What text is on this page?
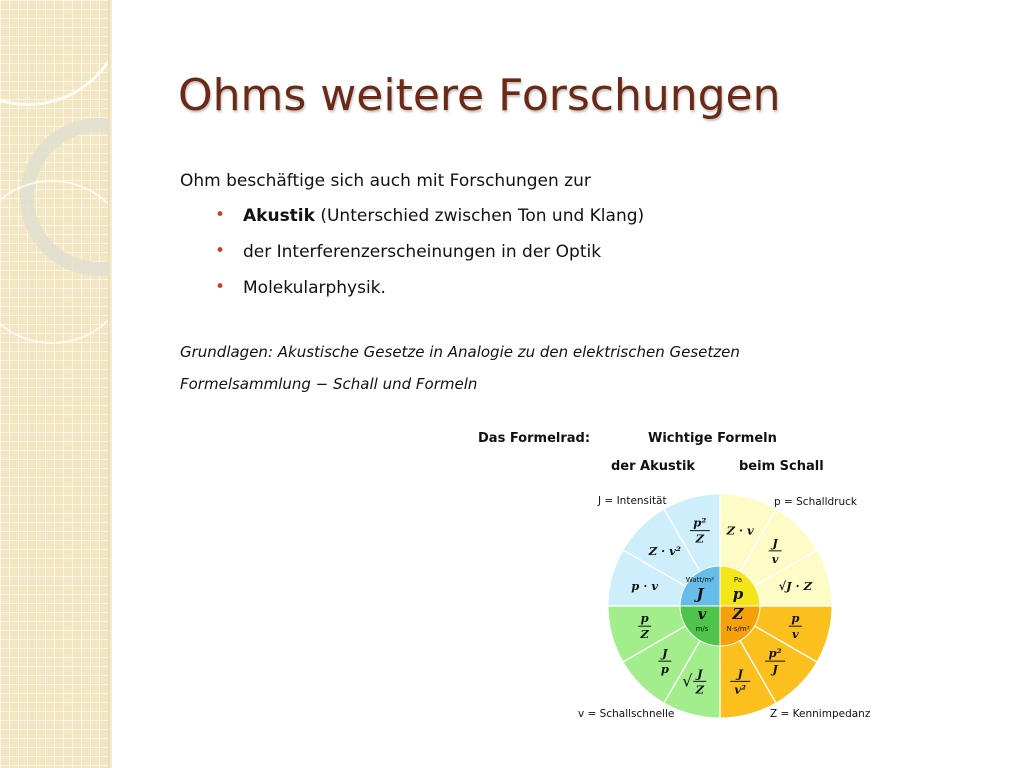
Ohms weitere Forschungen
Ohm beschäftige sich auch mit Forschungen zur
• Akustik (Unterschied zwischen Ton und Klang)
• der Interferenzerscheinungen in der Optik
• Molekularphysik.
Grundlagen: Akustische Gesetze in Analogie zu den elektrischen Gesetzen
Formelsammlung − Schall und Formeln
Das Formelrad:	Wichtige Formeln
der Akustik	beim Schall
Watt/m²
J
Pa
p
N·s/m³
Z
m/s
v
p²
Z
Z · v²
p · v
Z · v
J
v
√J · Z
p
v
p²
J
J
v²
p
Z
J
p
√ J
Z
J = Intensität	p = Schalldruck
v = Schallschnelle	Z = Kennimpedanz
